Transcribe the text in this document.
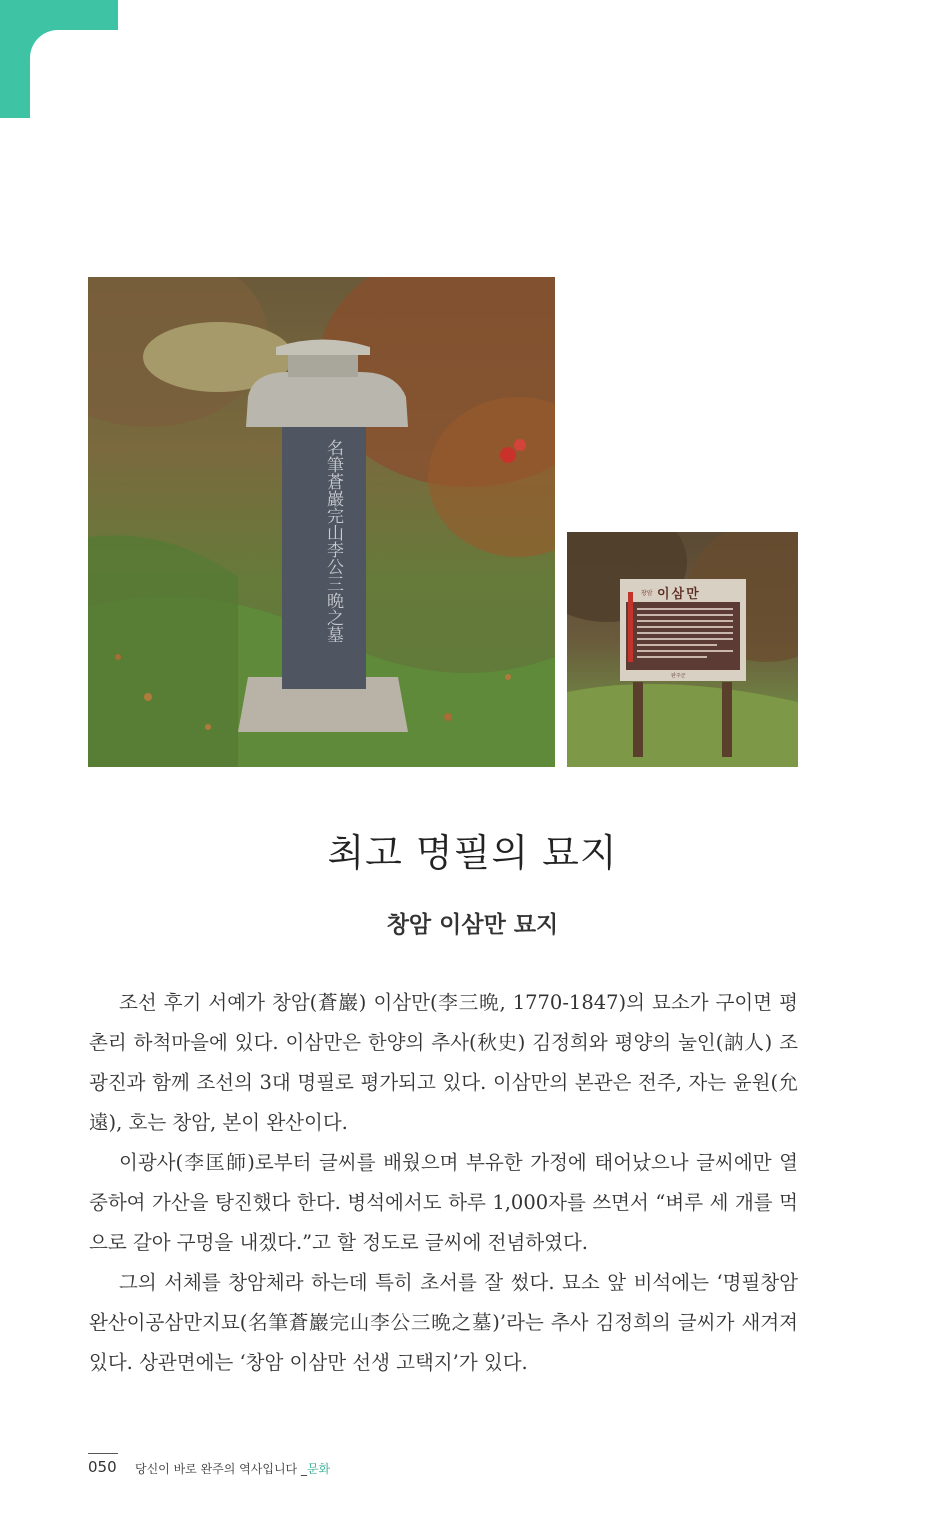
名筆蒼巖完山李公三晩之墓	창암 이삼만
완주군
최고 명필의 묘지
창암 이삼만 묘지

조선 후기 서예가 창암(蒼巖) 이삼만(李三晩, 1770-1847)의 묘소가 구이면 평촌리 하척마을에 있다. 이삼만은 한양의 추사(秋史) 김정희와 평양의 눌인(訥人) 조광진과 함께 조선의 3대 명필로 평가되고 있다. 이삼만의 본관은 전주, 자는 윤원(允遠), 호는 창암, 본이 완산이다.

이광사(李匡師)로부터 글씨를 배웠으며 부유한 가정에 태어났으나 글씨에만 열중하여 가산을 탕진했다 한다. 병석에서도 하루 1,000자를 쓰면서 “벼루 세 개를 먹으로 갈아 구멍을 내겠다.”고 할 정도로 글씨에 전념하였다.

그의 서체를 창암체라 하는데 특히 초서를 잘 썼다. 묘소 앞 비석에는 ‘명필창암완산이공삼만지묘(名筆蒼巖完山李公三晩之墓)’라는 추사 김정희의 글씨가 새겨져 있다. 상관면에는 ‘창암 이삼만 선생 고택지’가 있다.

050 당신이 바로 완주의 역사입니다 _문화
